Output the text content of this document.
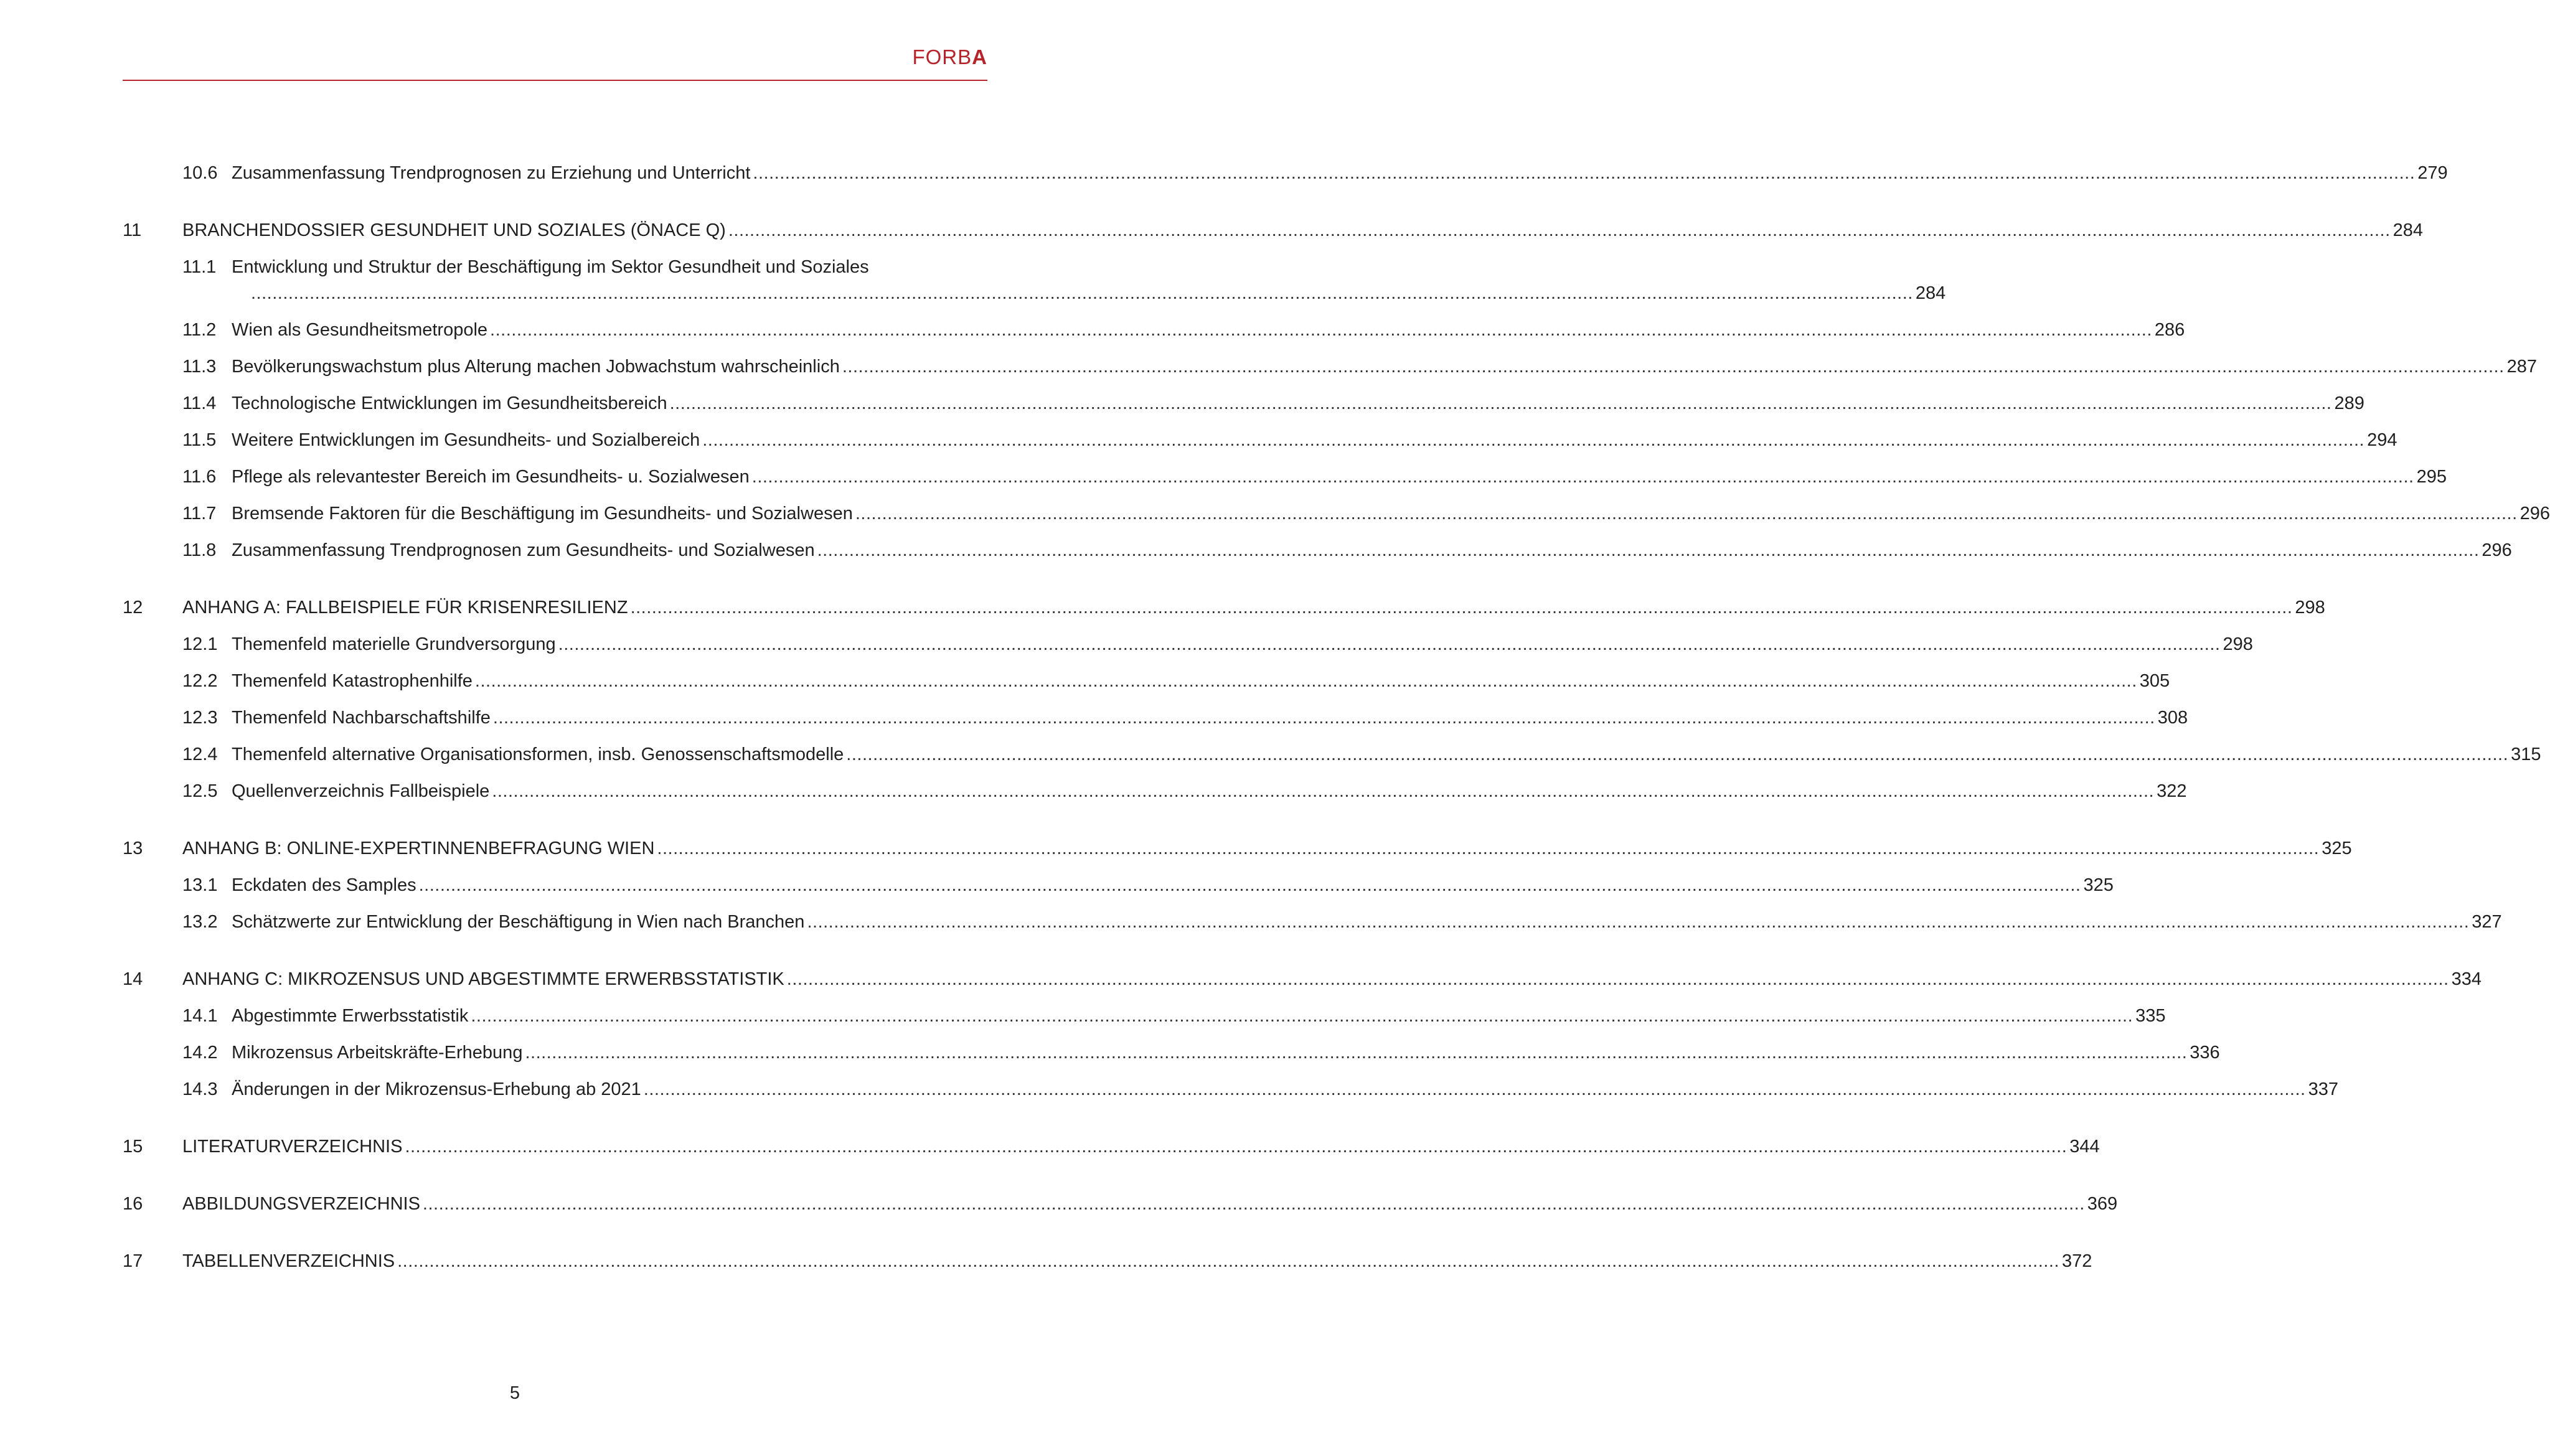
FORBA
10.6 Zusammenfassung Trendprognosen zu Erziehung und Unterricht ........................................................................................................................................................................................................................................................................................................................ 279
11 BRANCHENDOSSIER GESUNDHEIT UND SOZIALES (ÖNACE Q) ........................................................................................................................................................................................................................................................................................................................ 284
11.1 Entwicklung und Struktur der Beschäftigung im Sektor Gesundheit und Soziales
........................................................................................................................................................................................................................................................................................................................ 284
11.2 Wien als Gesundheitsmetropole ........................................................................................................................................................................................................................................................................................................................ 286
11.3 Bevölkerungswachstum plus Alterung machen Jobwachstum wahrscheinlich ........................................................................................................................................................................................................................................................................................................................ 287
11.4 Technologische Entwicklungen im Gesundheitsbereich ........................................................................................................................................................................................................................................................................................................................ 289
11.5 Weitere Entwicklungen im Gesundheits- und Sozialbereich ........................................................................................................................................................................................................................................................................................................................ 294
11.6 Pflege als relevantester Bereich im Gesundheits- u. Sozialwesen ........................................................................................................................................................................................................................................................................................................................ 295
11.7 Bremsende Faktoren für die Beschäftigung im Gesundheits- und Sozialwesen ........................................................................................................................................................................................................................................................................................................................ 296
11.8 Zusammenfassung Trendprognosen zum Gesundheits- und Sozialwesen ........................................................................................................................................................................................................................................................................................................................ 296
12 ANHANG A: FALLBEISPIELE FÜR KRISENRESILIENZ ........................................................................................................................................................................................................................................................................................................................ 298
12.1 Themenfeld materielle Grundversorgung ........................................................................................................................................................................................................................................................................................................................ 298
12.2 Themenfeld Katastrophenhilfe ........................................................................................................................................................................................................................................................................................................................ 305
12.3 Themenfeld Nachbarschaftshilfe ........................................................................................................................................................................................................................................................................................................................ 308
12.4 Themenfeld alternative Organisationsformen, insb. Genossenschaftsmodelle ........................................................................................................................................................................................................................................................................................................................ 315
12.5 Quellenverzeichnis Fallbeispiele ........................................................................................................................................................................................................................................................................................................................ 322
13 ANHANG B: ONLINE-EXPERTINNENBEFRAGUNG WIEN ........................................................................................................................................................................................................................................................................................................................ 325
13.1 Eckdaten des Samples ........................................................................................................................................................................................................................................................................................................................ 325
13.2 Schätzwerte zur Entwicklung der Beschäftigung in Wien nach Branchen ........................................................................................................................................................................................................................................................................................................................ 327
14 ANHANG C: MIKROZENSUS UND ABGESTIMMTE ERWERBSSTATISTIK ........................................................................................................................................................................................................................................................................................................................ 334
14.1 Abgestimmte Erwerbsstatistik ........................................................................................................................................................................................................................................................................................................................ 335
14.2 Mikrozensus Arbeitskräfte-Erhebung ........................................................................................................................................................................................................................................................................................................................ 336
14.3 Änderungen in der Mikrozensus-Erhebung ab 2021 ........................................................................................................................................................................................................................................................................................................................ 337
15 LITERATURVERZEICHNIS ........................................................................................................................................................................................................................................................................................................................ 344
16 ABBILDUNGSVERZEICHNIS ........................................................................................................................................................................................................................................................................................................................ 369
17 TABELLENVERZEICHNIS ........................................................................................................................................................................................................................................................................................................................ 372
5
